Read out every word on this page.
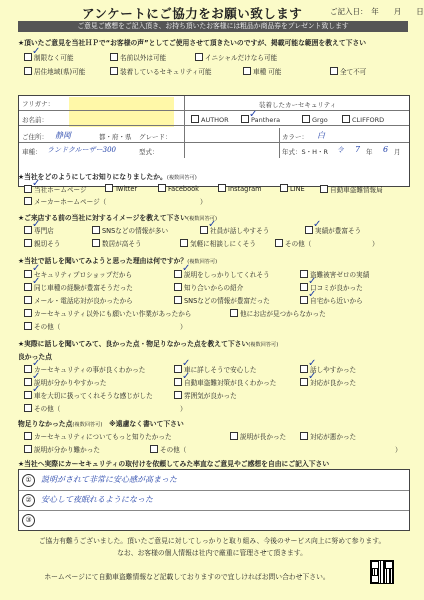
アンケートにご協力をお願い致します	ご記入日：　年　　月　　日
ご意見ご感想をご記入頂き、お持ち頂いたお客様には粗品か商品券をプレゼント致します
★頂いたご意見を当社ＨＰで“お客様の声”としてご使用させて頂きたいのですが、掲載可能な範囲を教えて下さい
✓
制限なく可能	名前以外は可能	イニシャルだけなら可能
居住地域(県)可能	装着しているセキュリティ可能	車種 可能	全て不可
フリガナ：
お名前：
装着したカーセキュリティ
AUTHOR ✓
Panthera	Grgo	CLIFFORD
ご住所： 静岡	都・府・県 グレード：	カラー： 白
車種： ランドクルーザー300	型式：	年式：S・H・R 令 7 年 6 月
★当社をどのようにしてお知りになりましたか。(複数回答可)
✓
当社ホームページ	Twitter	Facebook	Instagram	LINE	自動車盗難情報局
メーカーホームページ（	）
★ご来店する前の当社に対するイメージを教えて下さい(複数回答可)
✓
専門店	SNSなどの情報が多い
✓
社員が話しやすそう
✓
実績が豊富そう
親切そう	数居が高そう	気軽に相談しにくそう	その他（	）
★当社で話しを聞いてみようと思った理由は何ですか？(複数回答可)
✓
セキュリティプロショップだから
✓
説明をしっかりしてくれそう	盗難被害ゼロの実績
✓
同じ車種の経験が豊富そうだった	知り合いからの紹介
✓
口コミが良かった
メール・電話応対が良かったから	SNSなどの情報が豊富だった
✓
自宅から近いから
カーセキュリティ以外にも願いたい作業があったから	他にお店が見つからなかった
その他（	）
★実際に話しを聞いてみて、良かった点・物足りなかった点を教えて下さい(複数回答可)
良かった点
✓
カーセキュリティの事が良くわかった
✓
車に詳しそうで安心した
✓
話しやすかった
✓
説明が分かりやすかった
✓
自動車盗難対策が良くわかった
✓
対応が良かった
✓
車を大切に扱ってくれそうな感じがした	雰囲気が良かった
その他（	）
物足りなかった点(複数回答可)　 ※遠慮なく書いて下さい
カーセキュリティについてもっと知りたかった	説明が長かった	対応が悪かった
説明が分かり難かった	その他（	）
★当社へ実際にカーセキュリティの取付けを依頼してみた率直なご意見やご感想を自由にご記入下さい
①	説明がされて非常に安心感が高まった
②	安心して夜眠れるようになった
③
ご協力有難うございました。頂いたご意見に対してしっかりと取り組み、今後のサービス向上に努めて参ります。
なお、お客様の個人情報は社内で厳重に管理させて頂きます。
ホームページにて自動車盗難情報など記載しておりますので宜しければお問い合わせ下さい。
